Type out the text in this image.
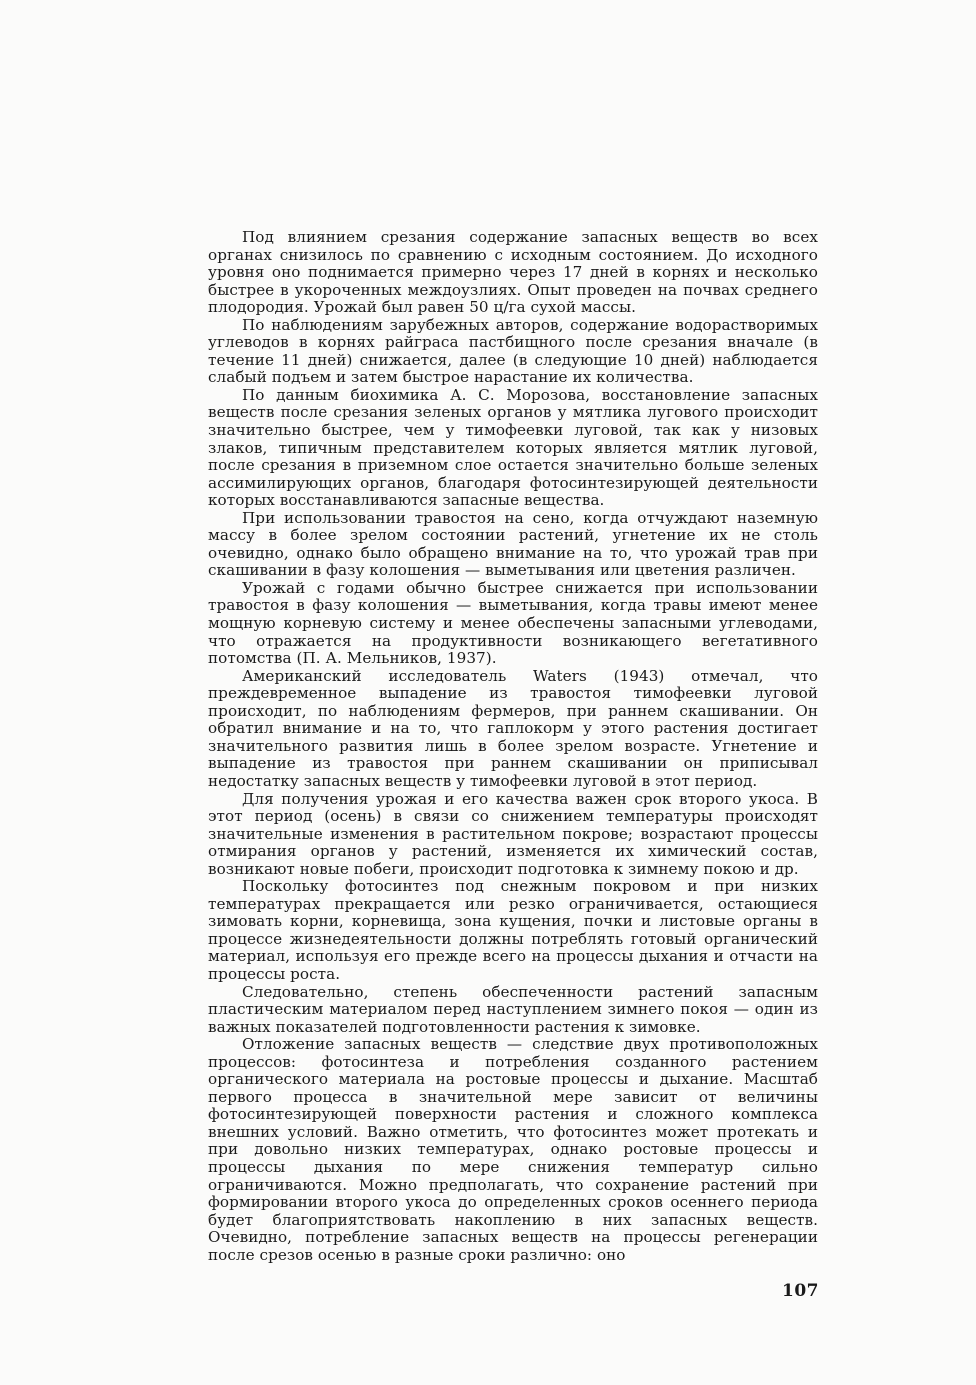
Под влиянием срезания содержание запасных веществ во всех органах снизилось по сравнению с исходным состоянием. До исходного уровня оно поднимается примерно через 17 дней в корнях и несколько быстрее в укороченных междоузлиях. Опыт проведен на почвах среднего плодородия. Урожай был равен 50 ц/га сухой массы.

По наблюдениям зарубежных авторов, содержание водорастворимых углеводов в корнях райграса пастбищного после срезания вначале (в течение 11 дней) снижается, далее (в следующие 10 дней) наблюдается слабый подъем и затем быстрое нарастание их количества.

По данным биохимика А. С. Морозова, восстановление запасных веществ после срезания зеленых органов у мятлика лугового происходит значительно быстрее, чем у тимофеевки луговой, так как у низовых злаков, типичным представителем которых является мятлик луговой, после срезания в приземном слое остается значительно больше зеленых ассимилирующих органов, благодаря фотосинтезирующей деятельности которых восстанавливаются запасные вещества.

При использовании травостоя на сено, когда отчуждают наземную массу в более зрелом состоянии растений, угнетение их не столь очевидно, однако было обращено внимание на то, что урожай трав при скашивании в фазу колошения — выметывания или цветения различен.

Урожай с годами обычно быстрее снижается при использовании травостоя в фазу колошения — выметывания, когда травы имеют менее мощную корневую систему и менее обеспечены запасными углеводами, что отражается на продуктивности возникающего вегетативного потомства (П. А. Мельников, 1937).

Американский исследователь Waters (1943) отмечал, что преждевременное выпадение из травостоя тимофеевки луговой происходит, по наблюдениям фермеров, при раннем скашивании. Он обратил внимание и на то, что гаплокорм у этого растения достигает значительного развития лишь в более зрелом возрасте. Угнетение и выпадение из травостоя при раннем скашивании он приписывал недостатку запасных веществ у тимофеевки луговой в этот период.

Для получения урожая и его качества важен срок второго укоса. В этот период (осень) в связи со снижением температуры происходят значительные изменения в растительном покрове; возрастают процессы отмирания органов у растений, изменяется их химический состав, возникают новые побеги, происходит подготовка к зимнему покою и др.

Поскольку фотосинтез под снежным покровом и при низких температурах прекращается или резко ограничивается, остающиеся зимовать корни, корневища, зона кущения, почки и листовые органы в процессе жизнедеятельности должны потреблять готовый органический материал, используя его прежде всего на процессы дыхания и отчасти на процессы роста.

Следовательно, степень обеспеченности растений запасным пластическим материалом перед наступлением зимнего покоя — один из важных показателей подготовленности растения к зимовке.

Отложение запасных веществ — следствие двух противоположных процессов: фотосинтеза и потребления созданного растением органического материала на ростовые процессы и дыхание. Масштаб первого процесса в значительной мере зависит от величины фотосинтезирующей поверхности растения и сложного комплекса внешних условий. Важно отметить, что фотосинтез может протекать и при довольно низких температурах, однако ростовые процессы и процессы дыхания по мере снижения температур сильно ограничиваются. Можно предполагать, что сохранение растений при формировании второго укоса до определенных сроков осеннего периода будет благоприятствовать накоплению в них запасных веществ. Очевидно, потребление запасных веществ на процессы регенерации после срезов осенью в разные сроки различно: оно

107
